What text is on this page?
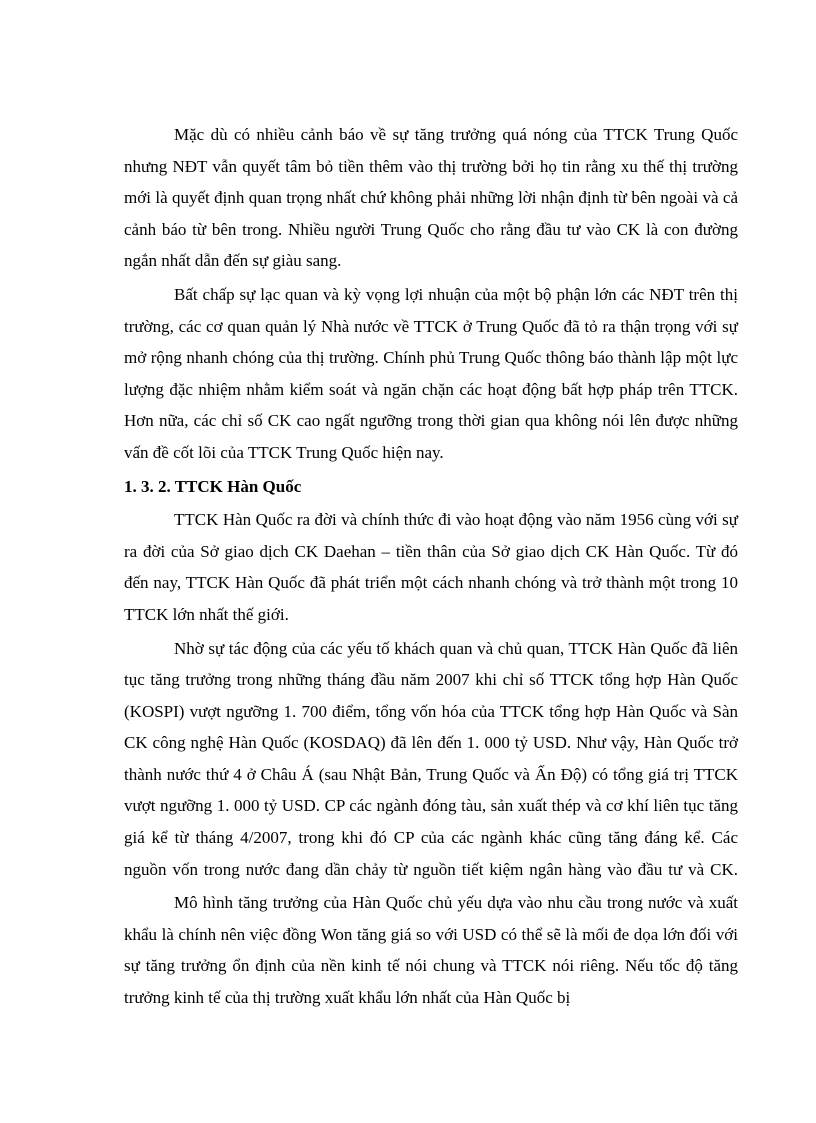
Mặc dù có nhiều cảnh báo về sự tăng trưởng quá nóng của TTCK Trung Quốc nhưng NĐT vẫn quyết tâm bỏ tiền thêm vào thị trường bởi họ tin rằng xu thế thị trường mới là quyết định quan trọng nhất chứ không phải những lời nhận định từ bên ngoài và cả cảnh báo từ bên trong. Nhiều người Trung Quốc cho rằng đầu tư vào CK là con đường ngắn nhất dẫn đến sự giàu sang.

Bất chấp sự lạc quan và kỳ vọng lợi nhuận của một bộ phận lớn các NĐT trên thị trường, các cơ quan quản lý Nhà nước về TTCK ở Trung Quốc đã tỏ ra thận trọng với sự mở rộng nhanh chóng của thị trường. Chính phủ Trung Quốc thông báo thành lập một lực lượng đặc nhiệm nhằm kiểm soát và ngăn chặn các hoạt động bất hợp pháp trên TTCK. Hơn nữa, các chỉ số CK cao ngất ngưỡng trong thời gian qua không nói lên được những vấn đề cốt lõi của TTCK Trung Quốc hiện nay.

1. 3. 2. TTCK Hàn Quốc

TTCK Hàn Quốc ra đời và chính thức đi vào hoạt động vào năm 1956 cùng với sự ra đời của Sở giao dịch CK Daehan – tiền thân của Sở giao dịch CK Hàn Quốc. Từ đó đến nay, TTCK Hàn Quốc đã phát triển một cách nhanh chóng và trở thành một trong 10 TTCK lớn nhất thế giới.

Nhờ sự tác động của các yếu tố khách quan và chủ quan, TTCK Hàn Quốc đã liên tục tăng trưởng trong những tháng đầu năm 2007 khi chỉ số TTCK tổng hợp Hàn Quốc (KOSPI) vượt ngưỡng 1. 700 điểm, tổng vốn hóa của TTCK tổng hợp Hàn Quốc và Sàn CK công nghệ Hàn Quốc (KOSDAQ) đã lên đến 1. 000 tỷ USD. Như vậy, Hàn Quốc trở thành nước thứ 4 ở Châu Á (sau Nhật Bản, Trung Quốc và Ấn Độ) có tổng giá trị TTCK vượt ngưỡng 1. 000 tỷ USD. CP các ngành đóng tàu, sản xuất thép và cơ khí liên tục tăng giá kể từ tháng 4/2007, trong khi đó CP của các ngành khác cũng tăng đáng kể. Các nguồn vốn trong nước đang dần chảy từ nguồn tiết kiệm ngân hàng vào đầu tư và CK.

Mô hình tăng trưởng của Hàn Quốc chủ yếu dựa vào nhu cầu trong nước và xuất khẩu là chính nên việc đồng Won tăng giá so với USD có thể sẽ là mối đe dọa lớn đối với sự tăng trưởng ổn định của nền kinh tế nói chung và TTCK nói riêng. Nếu tốc độ tăng trưởng kinh tế của thị trường xuất khẩu lớn nhất của Hàn Quốc bị
